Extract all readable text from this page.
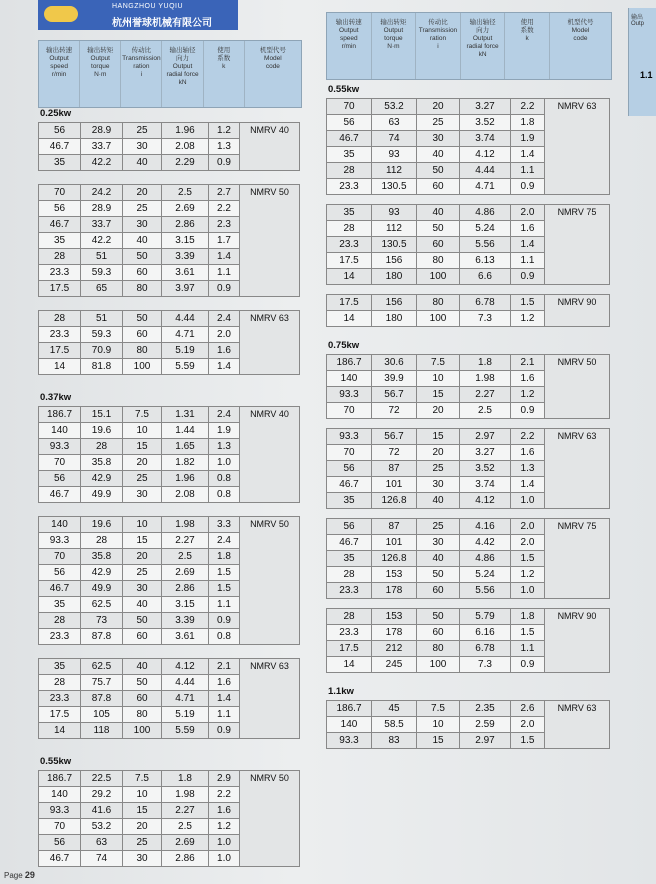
HANGZHOU YUQIU
杭州誉球机械有限公司
输出转速
Output
speed
r/min
输出转矩
Output
torque
N·m
传动比
Transmission
ration
i
输出轴径
向力
Output
radial force
kN
使用
系数
k
机型代号
Model
code
0.25kw
56	28.9	25	1.96	1.2	NMRV 40
46.7	33.7	30	2.08	1.3	
35	42.2	40	2.29	0.9	
70	24.2	20	2.5	2.7	NMRV 50
56	28.9	25	2.69	2.2	
46.7	33.7	30	2.86	2.3	
35	42.2	40	3.15	1.7	
28	51	50	3.39	1.4	
23.3	59.3	60	3.61	1.1	
17.5	65	80	3.97	0.9	
28	51	50	4.44	2.4	NMRV 63
23.3	59.3	60	4.71	2.0	
17.5	70.9	80	5.19	1.6	
14	81.8	100	5.59	1.4	
0.37kw
186.7	15.1	7.5	1.31	2.4	NMRV 40
140	19.6	10	1.44	1.9	
93.3	28	15	1.65	1.3	
70	35.8	20	1.82	1.0	
56	42.9	25	1.96	0.8	
46.7	49.9	30	2.08	0.8	
140	19.6	10	1.98	3.3	NMRV 50
93.3	28	15	2.27	2.4	
70	35.8	20	2.5	1.8	
56	42.9	25	2.69	1.5	
46.7	49.9	30	2.86	1.5	
35	62.5	40	3.15	1.1	
28	73	50	3.39	0.9	
23.3	87.8	60	3.61	0.8	
35	62.5	40	4.12	2.1	NMRV 63
28	75.7	50	4.44	1.6	
23.3	87.8	60	4.71	1.4	
17.5	105	80	5.19	1.1	
14	118	100	5.59	0.9	
0.55kw
186.7	22.5	7.5	1.8	2.9	NMRV 50
140	29.2	10	1.98	2.2	
93.3	41.6	15	2.27	1.6	
70	53.2	20	2.5	1.2	
56	63	25	2.69	1.0	
46.7	74	30	2.86	1.0	
输出转速
Output
speed
r/min
输出转矩
Output
torque
N·m
传动比
Transmission
ration
i
输出轴径
向力
Output
radial force
kN
使用
系数
k
机型代号
Model
code
0.55kw
70	53.2	20	3.27	2.2	NMRV 63
56	63	25	3.52	1.8	
46.7	74	30	3.74	1.9	
35	93	40	4.12	1.4	
28	112	50	4.44	1.1	
23.3	130.5	60	4.71	0.9	
35	93	40	4.86	2.0	NMRV 75
28	112	50	5.24	1.6	
23.3	130.5	60	5.56	1.4	
17.5	156	80	6.13	1.1	
14	180	100	6.6	0.9	
17.5	156	80	6.78	1.5	NMRV 90
14	180	100	7.3	1.2	
0.75kw
186.7	30.6	7.5	1.8	2.1	NMRV 50
140	39.9	10	1.98	1.6	
93.3	56.7	15	2.27	1.2	
70	72	20	2.5	0.9	
93.3	56.7	15	2.97	2.2	NMRV 63
70	72	20	3.27	1.6	
56	87	25	3.52	1.3	
46.7	101	30	3.74	1.4	
35	126.8	40	4.12	1.0	
56	87	25	4.16	2.0	NMRV 75
46.7	101	30	4.42	2.0	
35	126.8	40	4.86	1.5	
28	153	50	5.24	1.2	
23.3	178	60	5.56	1.0	
28	153	50	5.79	1.8	NMRV 90
23.3	178	60	6.16	1.5	
17.5	212	80	6.78	1.1	
14	245	100	7.3	0.9	
1.1kw
186.7	45	7.5	2.35	2.6	NMRV 63
140	58.5	10	2.59	2.0	
93.3	83	15	2.97	1.5	
输出
Outp
1.1
Page 29
